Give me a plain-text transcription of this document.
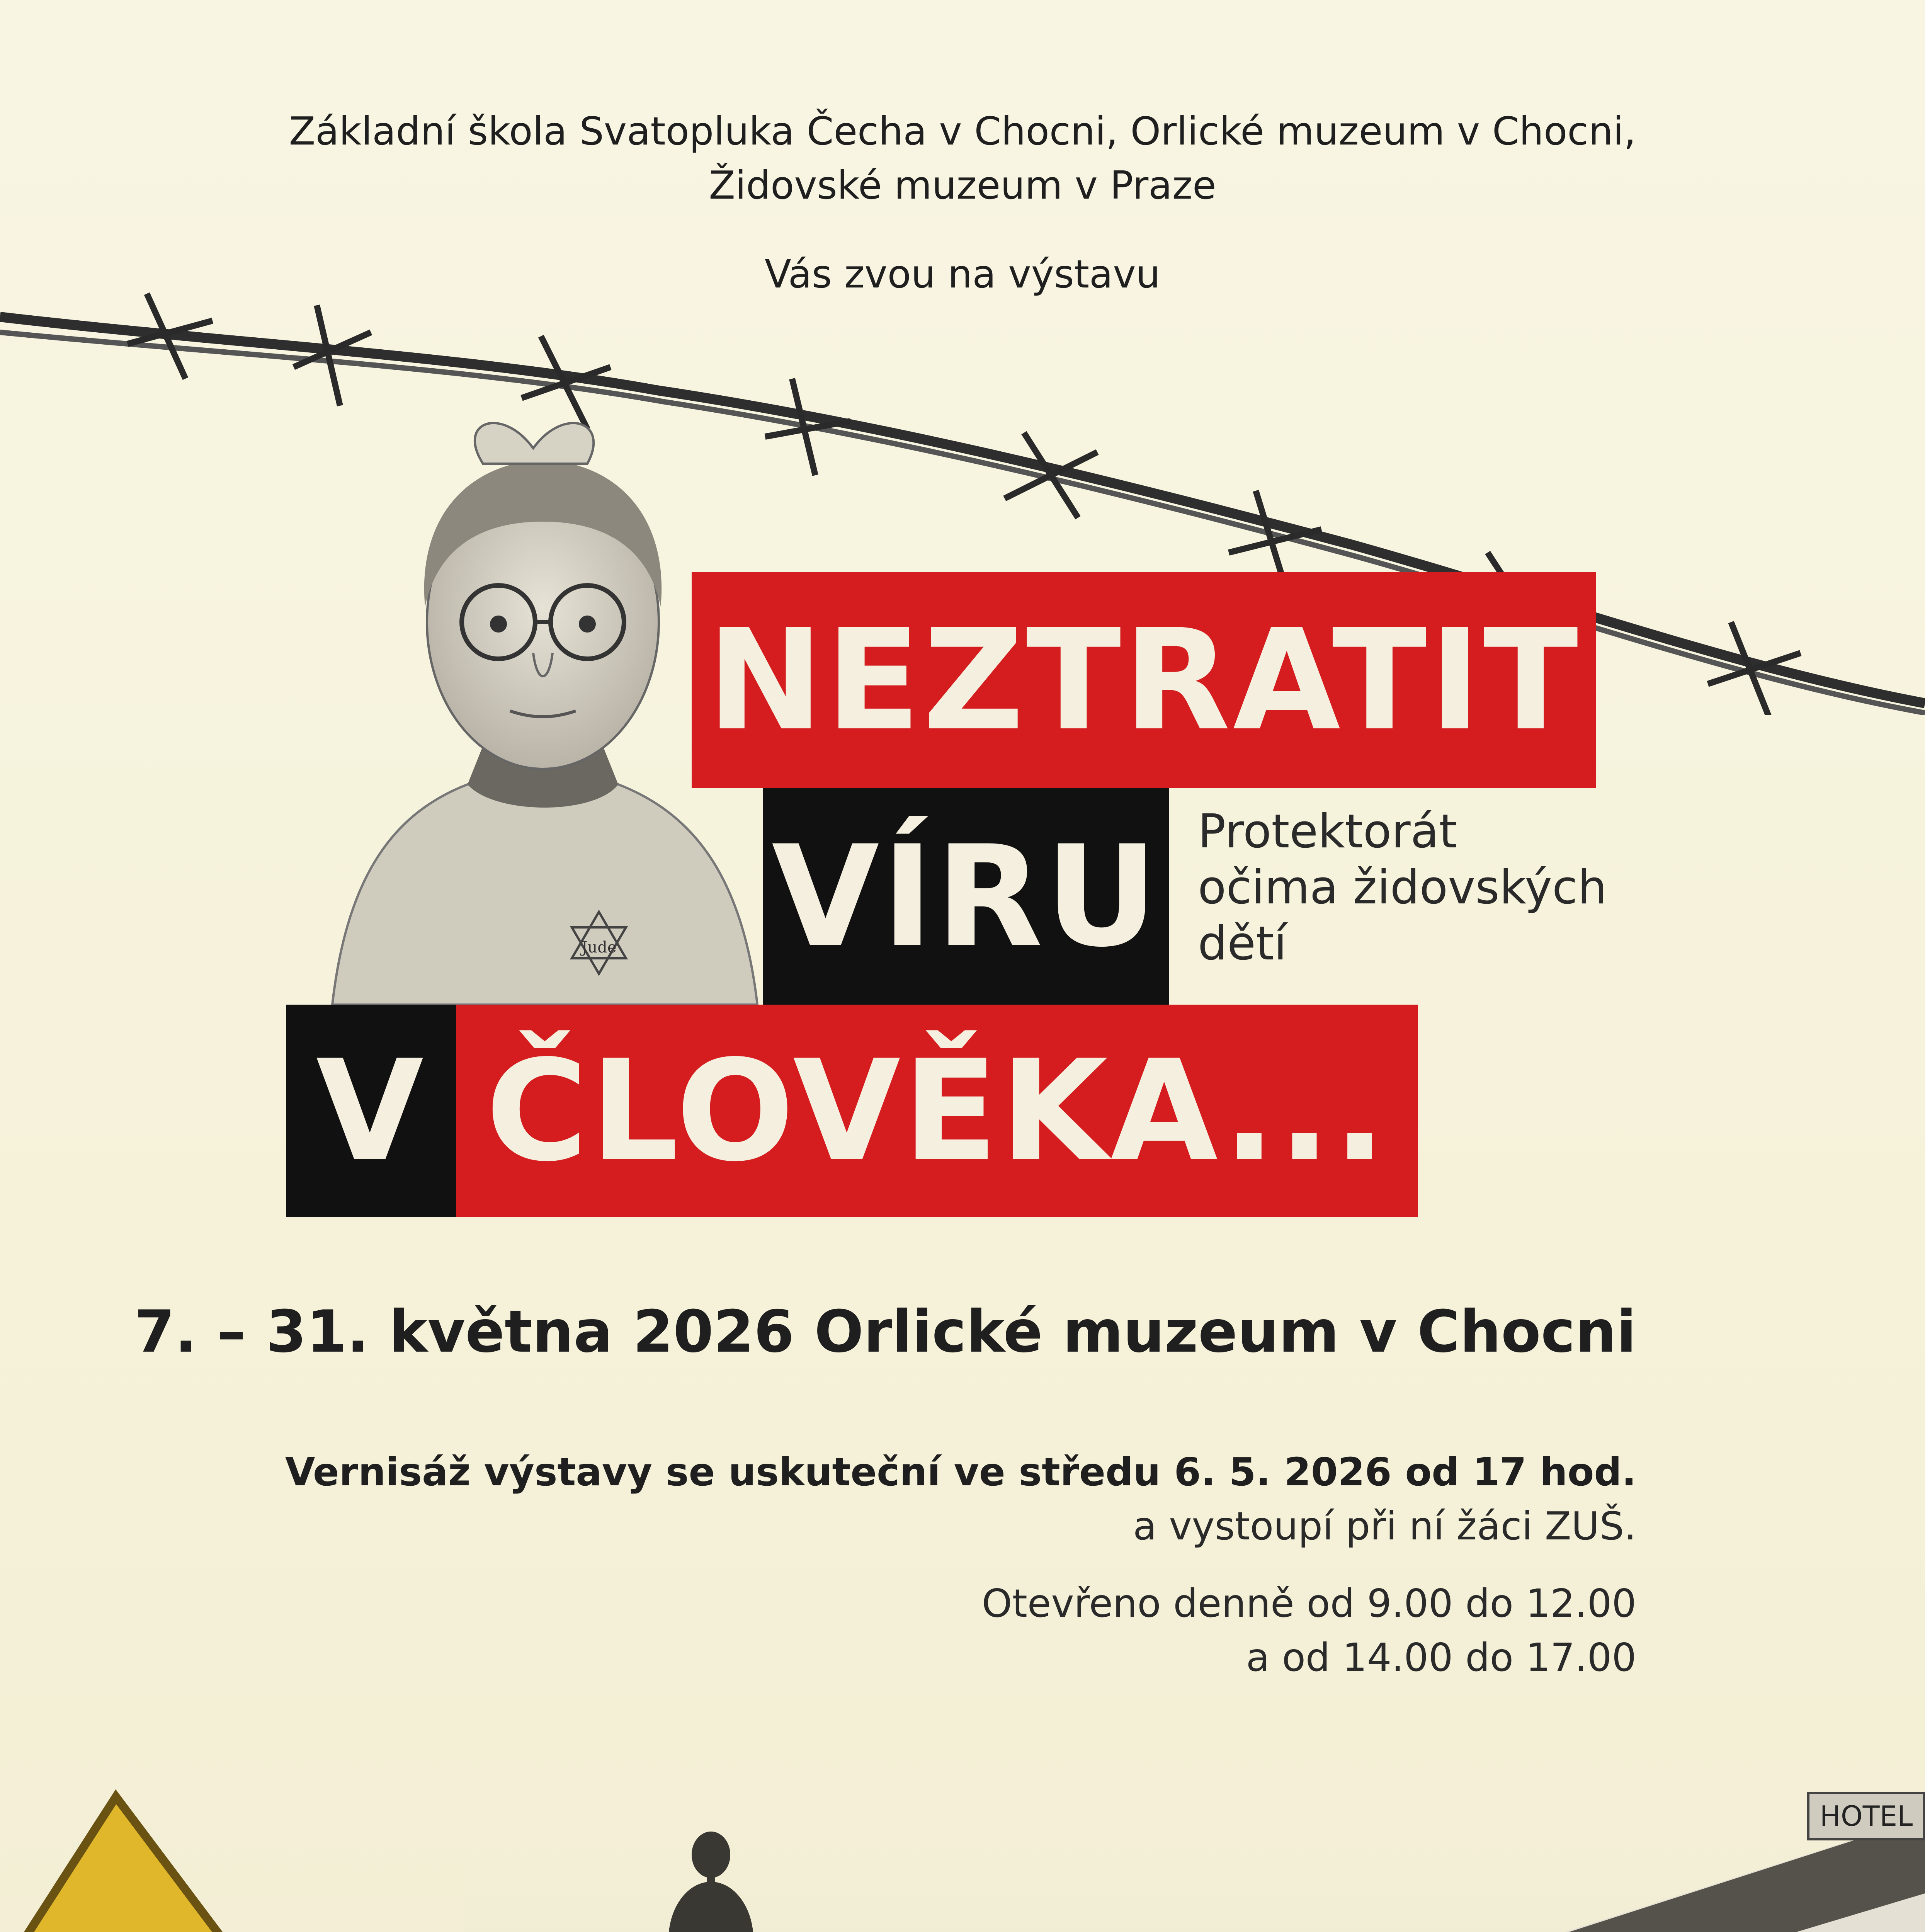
Základní škola Svatopluka Čecha v Chocni, Orlické muzeum v Chocni,
Židovské muzeum v Praze
Vás zvou na výstavu
Jude
NEZTRATIT
VÍRU
V ČLOVĚKA...
Protektorát
očima židovských
dětí
7. – 31. května 2026 Orlické muzeum v Chocni
Vernisáž výstavy se uskuteční ve středu 6. 5. 2026 od 17 hod.
a vystoupí při ní žáci ZUŠ.
Otevřeno denně od 9.00 do 12.00
a od 14.00 do 17.00
HOTEL
